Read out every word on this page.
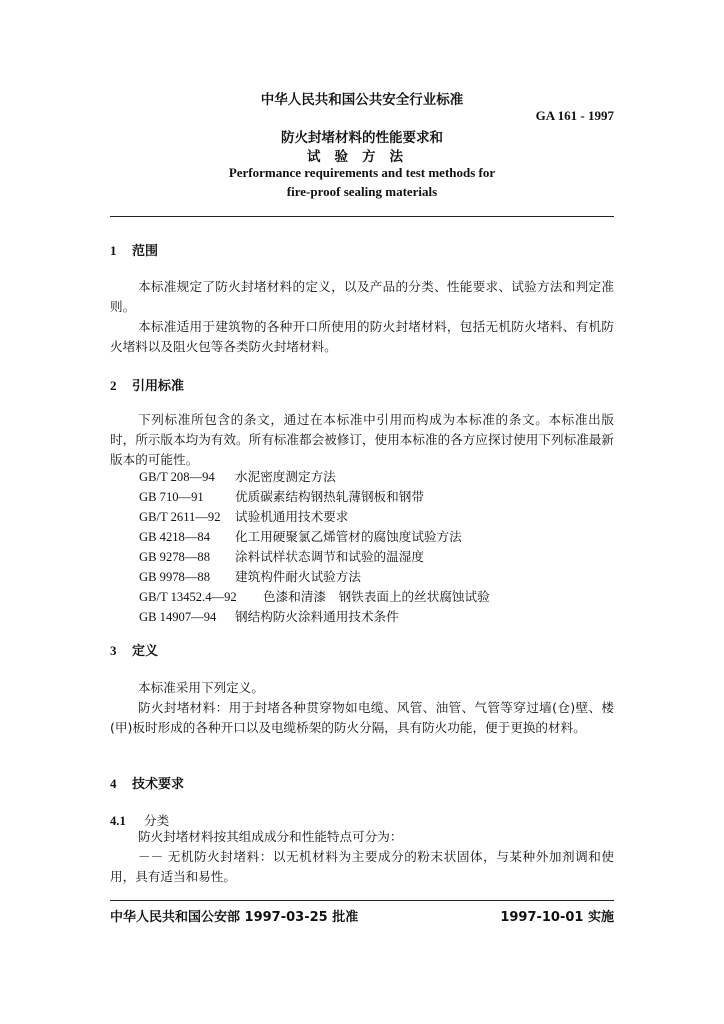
中华人民共和国公共安全行业标准
GA 161 - 1997
防火封堵材料的性能要求和
试验方法
Performance requirements and test methods for
fire-proof sealing materials
1 范围

本标准规定了防火封堵材料的定义，以及产品的分类、性能要求、试验方法和判定准则。

本标准适用于建筑物的各种开口所使用的防火封堵材料，包括无机防火堵料、有机防火堵料以及阻火包等各类防火封堵材料。

2 引用标准

下列标准所包含的条文，通过在本标准中引用而构成为本标准的条文。本标准出版时，所示版本均为有效。所有标准都会被修订，使用本标准的各方应探讨使用下列标准最新版本的可能性。

GB/T 208—94 水泥密度测定方法
GB 710—91 优质碳素结构钢热轧薄钢板和钢带
GB/T 2611—92 试验机通用技术要求
GB 4218—84 化工用硬聚氯乙烯管材的腐蚀度试验方法
GB 9278—88 涂料试样状态调节和试验的温湿度
GB 9978—88 建筑构件耐火试验方法
GB/T 13452.4—92 色漆和清漆　钢铁表面上的丝状腐蚀试验
GB 14907—94 钢结构防火涂料通用技术条件
3 定义

本标准采用下列定义。

防火封堵材料：用于封堵各种贯穿物如电缆、风管、油管、气管等穿过墙(仓)壁、楼(甲)板时形成的各种开口以及电缆桥架的防火分隔，具有防火功能，便于更换的材料。

4 技术要求
4.1 分类

防火封堵材料按其组成成分和性能特点可分为：

－－ 无机防火封堵料：以无机材料为主要成分的粉末状固体，与某种外加剂调和使用，具有适当和易性。

中华人民共和国公安部 1997-03-25 批准	1997-10-01 实施
